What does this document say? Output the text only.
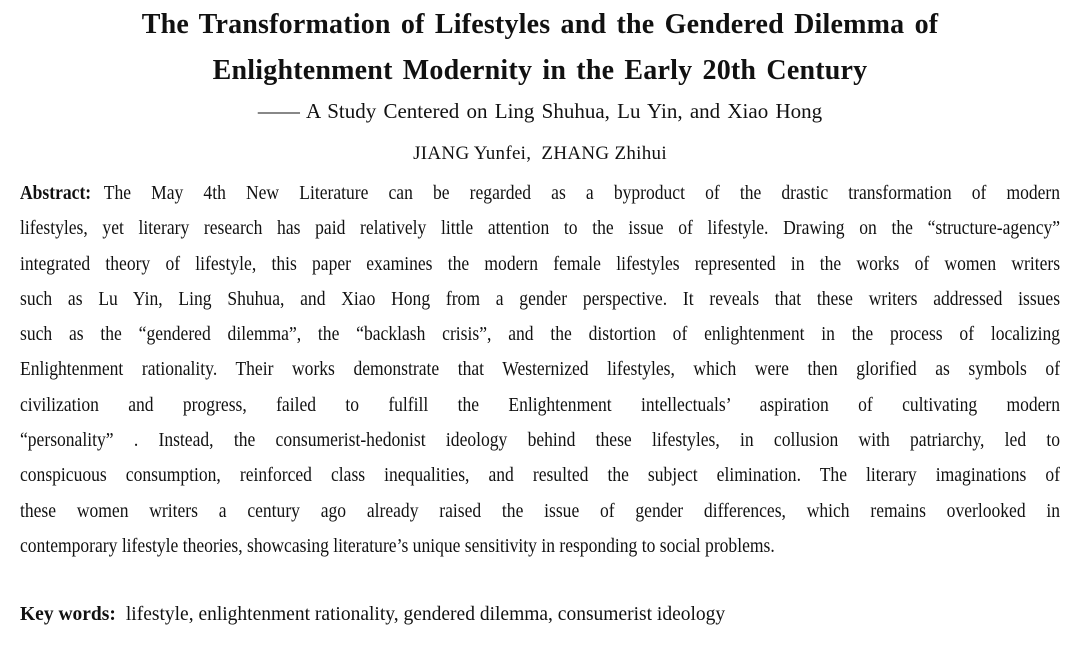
The Transformation of Lifestyles and the Gendered Dilemma of
Enlightenment Modernity in the Early 20th Century
—— A Study Centered on Ling Shuhua, Lu Yin, and Xiao Hong
JIANG Yunfei,  ZHANG Zhihui
Abstract: The May 4th New Literature can be regarded as a byproduct of the drastic transformation of modern
lifestyles, yet literary research has paid relatively little attention to the issue of lifestyle. Drawing on the “structure-agency”
integrated theory of lifestyle, this paper examines the modern female lifestyles represented in the works of women writers
such as Lu Yin, Ling Shuhua, and Xiao Hong from a gender perspective. It reveals that these writers addressed issues
such as the “gendered dilemma”, the “backlash crisis”, and the distortion of enlightenment in the process of localizing
Enlightenment rationality. Their works demonstrate that Westernized lifestyles, which were then glorified as symbols of
civilization and progress, failed to fulfill the Enlightenment intellectuals’ aspiration of cultivating modern
“personality” . Instead, the consumerist-hedonist ideology behind these lifestyles, in collusion with patriarchy, led to
conspicuous consumption, reinforced class inequalities, and resulted the subject elimination. The literary imaginations of
these women writers a century ago already raised the issue of gender differences, which remains overlooked in
contemporary lifestyle theories, showcasing literature’s unique sensitivity in responding to social problems.
Key words: lifestyle, enlightenment rationality, gendered dilemma, consumerist ideology
